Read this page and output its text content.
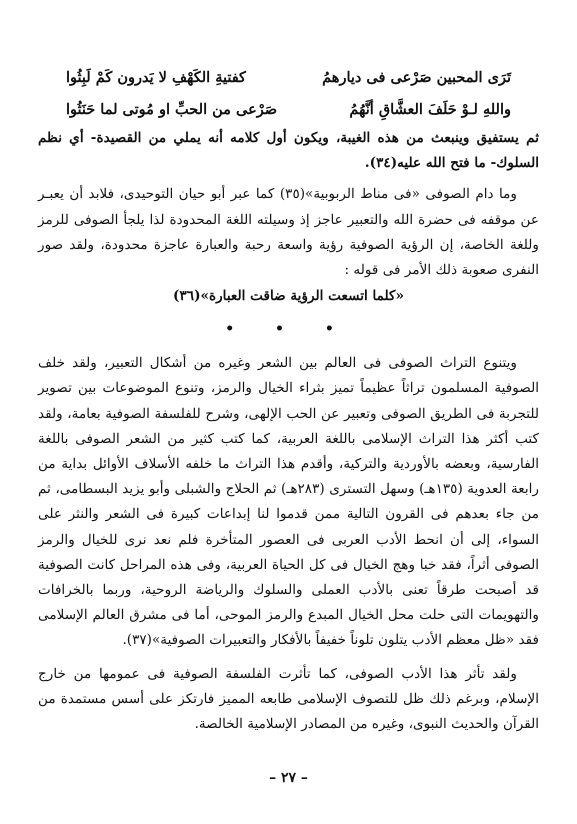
تَرَى المحبين صَرْعى فى ديارهمُ
كفتيةِ الكَهْفِ لا يَدرون كَمْ لَبِثُوا
واللهِ لـوْ حَلَفَ العشَّاقِ أنَّهُمُ
صَرْعى من الحبِّ او مُوتى لما حَنَثُوا

ثم يستفيق وينبعث من هذه الغيبة، ويكون أول كلامه أنه يملي من القصيدة- أي نظم السلوك- ما فتح الله عليه(٣٤).

وما دام الصوفى «فى مناط الربوبية»(٣٥) كما عبر أبو حيان التوحيدى، فلابد أن يعبـر عن موقفه فى حضرة الله والتعبير عاجز إذ وسيلته اللغة المحدودة لذا يلجأ الصوفى للرمز وللغة الخاصة، إن الرؤية الصوفية رؤية واسعة رحبة والعبارة عاجزة محدودة، ولقد صور النفرى صعوبة ذلك الأمر فى قوله :

«كلما اتسعت الرؤية ضاقت العبارة»(٣٦)
• • •

ويتنوع التراث الصوفى فى العالم بين الشعر وغيره من أشكال التعبير، ولقد خلف الصوفية المسلمون تراثاً عظيماً تميز بثراء الخيال والرمز، وتنوع الموضوعات بين تصوير للتجربة فى الطريق الصوفى وتعبير عن الحب الإلهى، وشرح للفلسفة الصوفية بعامة، ولقد كتب أكثر هذا التراث الإسلامى باللغة العربية، كما كتب كثير من الشعر الصوفى باللغة الفارسية، وبعضه بالأوردية والتركية، وأقدم هذا التراث ما خلفه الأسلاف الأوائل بداية من رابعة العدوية (١٣٥هـ) وسهل التسترى (٢٨٣هـ) ثم الحلاج والشبلى وأبو يزيد البسطامى، ثم من جاء بعدهم فى القرون التالية ممن قدموا لنا إبداعات كبيرة فى الشعر والنثر على السواء، إلى أن انحط الأدب العربى فى العصور المتأخرة فلم نعد نرى للخيال والرمز الصوفى أثراً، فقد خبا وهج الخيال فى كل الحياة العربية، وفى هذه المراحل كانت الصوفية قد أصبحت طرقاً تعنى بالأدب العملى والسلوك والرياضة الروحية، وربما بالخرافات والتهويمات التى حلت محل الخيال المبدع والرمز الموحى، أما فى مشرق العالم الإسلامى فقد «ظل معظم الأدب يتلون تلوناً خفيفاً بالأفكار والتعبيرات الصوفية»(٣٧).

ولقد تأثر هذا الأدب الصوفى، كما تأثرت الفلسفة الصوفية فى عمومها من خارج الإسلام، وبرغم ذلك ظل للتصوف الإسلامى طابعه المميز فارتكز على أسس مستمدة من القرآن والحديث النبوى، وغيره من المصادر الإسلامية الخالصة.

– ٢٧ –
